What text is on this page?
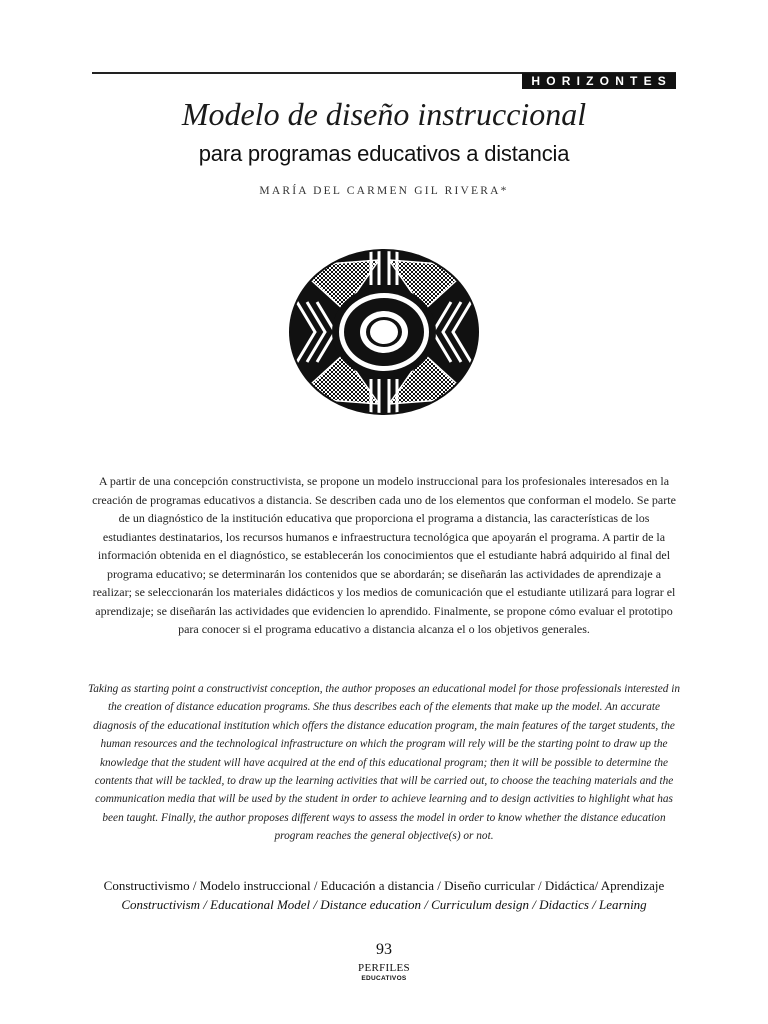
HORIZONTES
Modelo de diseño instruccional
para programas educativos a distancia
MARÍA DEL CARMEN GIL RIVERA*

A partir de una concepción constructivista, se propone un modelo instruccional para los profesionales interesados en la creación de programas educativos a distancia. Se describen cada uno de los elementos que conforman el modelo. Se parte de un diagnóstico de la institución educativa que proporciona el programa a distancia, las características de los estudiantes destinatarios, los recursos humanos e infraestructura tecnológica que apoyarán el programa. A partir de la información obtenida en el diagnóstico, se establecerán los conocimientos que el estudiante habrá adquirido al final del programa educativo; se determinarán los contenidos que se abordarán; se diseñarán las actividades de aprendizaje a realizar; se seleccionarán los materiales didácticos y los medios de comunicación que el estudiante utilizará para lograr el aprendizaje; se diseñarán las actividades que evidencien lo aprendido. Finalmente, se propone cómo evaluar el prototipo para conocer si el programa educativo a distancia alcanza el o los objetivos generales.

Taking as starting point a constructivist conception, the author proposes an educational model for those professionals interested in the creation of distance education programs. She thus describes each of the elements that make up the model. An accurate diagnosis of the educational institution which offers the distance education program, the main features of the target students, the human resources and the technological infrastructure on which the program will rely will be the starting point to draw up the knowledge that the student will have acquired at the end of this educational program; then it will be possible to determine the contents that will be tackled, to draw up the learning activities that will be carried out, to choose the teaching materials and the communication media that will be used by the student in order to achieve learning and to design activities to highlight what has been taught. Finally, the author proposes different ways to assess the model in order to know whether the distance education program reaches the general objective(s) or not.

Constructivismo / Modelo instruccional / Educación a distancia / Diseño curricular / Didáctica/ Aprendizaje
Constructivism / Educational Model / Distance education / Curriculum design / Didactics / Learning
93
PERFILES
EDUCATIVOS
